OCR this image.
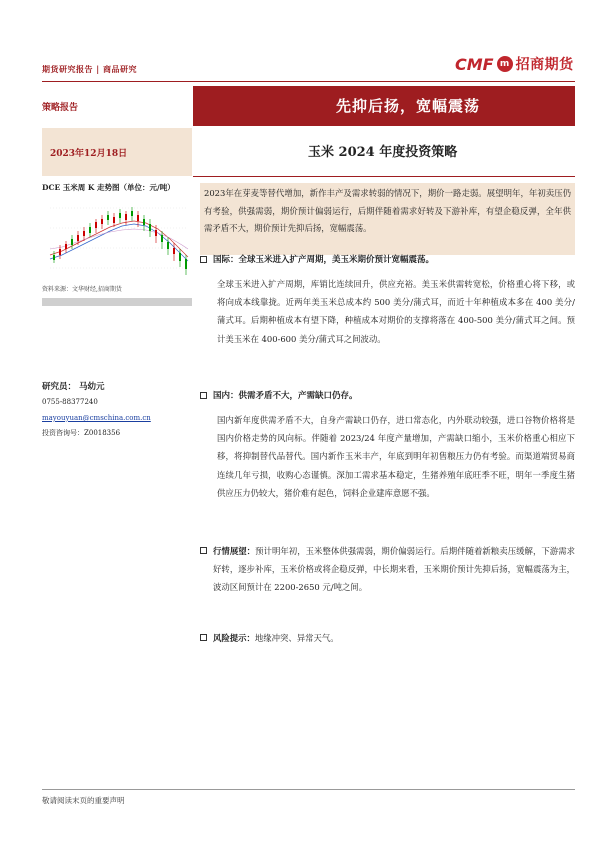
期货研究报告 | 商品研究	CMF m 招商期货
策略报告	先抑后扬，宽幅震荡
2023年12月18日	玉米 2024 年度投资策略
DCE 玉米周 K 走势图（单位：元/吨）
资料来源：文华财经,招商期货
研究员： 马幼元
0755-88377240
mayouyuan@cmschina.com.cn
投资咨询号：Z0018356

2023年在芽麦等替代增加，新作丰产及需求转弱的情况下，期价一路走弱。展望明年，年初卖压仍有考验，供强需弱，期价预计偏弱运行，后期伴随着需求好转及下游补库，有望企稳反弹，全年供需矛盾不大，期价预计先抑后扬，宽幅震荡。

国际：全球玉米进入扩产周期，美玉米期价预计宽幅震荡。

全球玉米进入扩产周期，库销比连续回升，供应充裕。美玉米供需转宽松，价格重心将下移，或将向成本线靠拢。近两年美玉米总成本约 500 美分/蒲式耳，而近十年种植成本多在 400 美分/蒲式耳。后期种植成本有望下降，种植成本对期价的支撑将落在 400-500 美分/蒲式耳之间。预计美玉米在 400-600 美分/蒲式耳之间波动。

国内：供需矛盾不大，产需缺口仍存。

国内新年度供需矛盾不大，自身产需缺口仍存，进口常态化，内外联动较强，进口谷物价格将是国内价格走势的风向标。伴随着 2023/24 年度产量增加，产需缺口缩小，玉米价格重心相应下移，将抑制替代品替代。国内新作玉米丰产，年底到明年初售粮压力仍有考验。而渠道端贸易商连续几年亏损，收购心态谨慎。深加工需求基本稳定，生猪养殖年底旺季不旺，明年一季度生猪供应压力仍较大，猪价难有起色，饲料企业建库意愿不强。

行情展望：预计明年初，玉米整体供强需弱，期价偏弱运行。后期伴随着新粮卖压缓解，下游需求好转，逐步补库，玉米价格或将企稳反弹，中长期来看，玉米期价预计先抑后扬，宽幅震荡为主，波动区间预计在 2200-2650 元/吨之间。
风险提示：地缘冲突、异常天气。
敬请阅读末页的重要声明
